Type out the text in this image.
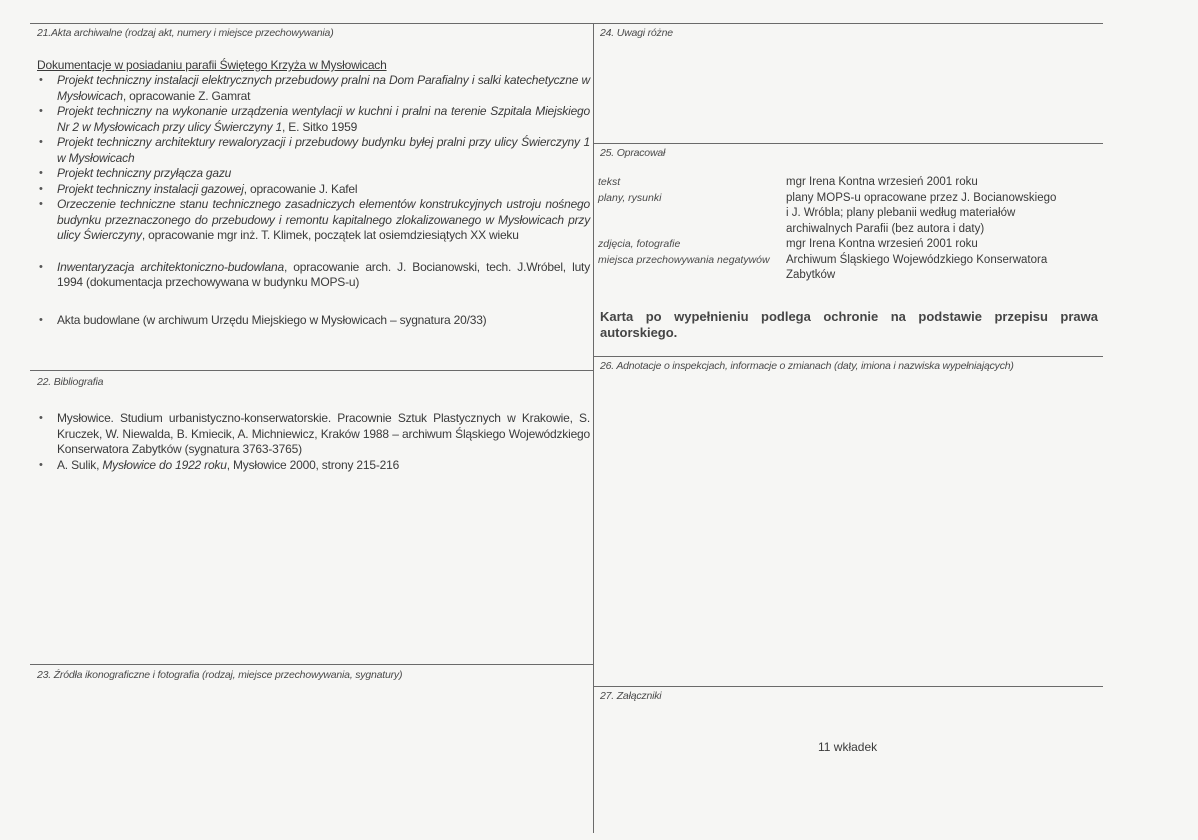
21.Akta archiwalne (rodzaj akt, numery i miejsce przechowywania)
Dokumentacje w posiadaniu parafii Świętego Krzyża w Mysłowicach
• Projekt techniczny instalacji elektrycznych przebudowy pralni na Dom Parafialny i salki katechetyczne w Mysłowicach, opracowanie Z. Gamrat
• Projekt techniczny na wykonanie urządzenia wentylacji w kuchni i pralni na terenie Szpitala Miejskiego Nr 2 w Mysłowicach przy ulicy Świerczyny 1, E. Sitko 1959
• Projekt techniczny architektury rewaloryzacji i przebudowy budynku byłej pralni przy ulicy Świerczyny 1 w Mysłowicach
• Projekt techniczny przyłącza gazu
• Projekt techniczny instalacji gazowej, opracowanie J. Kafel
• Orzeczenie techniczne stanu technicznego zasadniczych elementów konstrukcyjnych ustroju nośnego budynku przeznaczonego do przebudowy i remontu kapitalnego zlokalizowanego w Mysłowicach przy ulicy Świerczyny, opracowanie mgr inż. T. Klimek, początek lat osiemdziesiątych XX wieku
• Inwentaryzacja architektoniczno-budowlana, opracowanie arch. J. Bocianowski, tech. J.Wróbel, luty 1994 (dokumentacja przechowywana w budynku MOPS-u)
• Akta budowlane (w archiwum Urzędu Miejskiego w Mysłowicach – sygnatura 20/33)
22. Bibliografia
• Mysłowice. Studium urbanistyczno-konserwatorskie. Pracownie Sztuk Plastycznych w Krakowie, S. Kruczek, W. Niewalda, B. Kmiecik, A. Michniewicz, Kraków 1988 – archiwum Śląskiego Wojewódzkiego Konserwatora Zabytków (sygnatura 3763-3765)
• A. Sulik, Mysłowice do 1922 roku, Mysłowice 2000, strony 215-216
23. Źródła ikonograficzne i fotografia (rodzaj, miejsce przechowywania, sygnatury)
24. Uwagi różne
25. Opracował
tekst	mgr Irena Kontna wrzesień 2001 roku
plany, rysunki	plany MOPS-u opracowane przez J. Bocianowskiego
i J. Wróbla; plany plebanii według materiałów
archiwalnych Parafii (bez autora i daty)
zdjęcia, fotografie	mgr Irena Kontna wrzesień 2001 roku
miejsca przechowywania negatywów	Archiwum Śląskiego Wojewódzkiego Konserwatora
Zabytków
Karta po wypełnieniu podlega ochronie na podstawie przepisu prawa autorskiego.
26. Adnotacje o inspekcjach, informacje o zmianach (daty, imiona i nazwiska wypełniających)
27. Załączniki
11 wkładek
